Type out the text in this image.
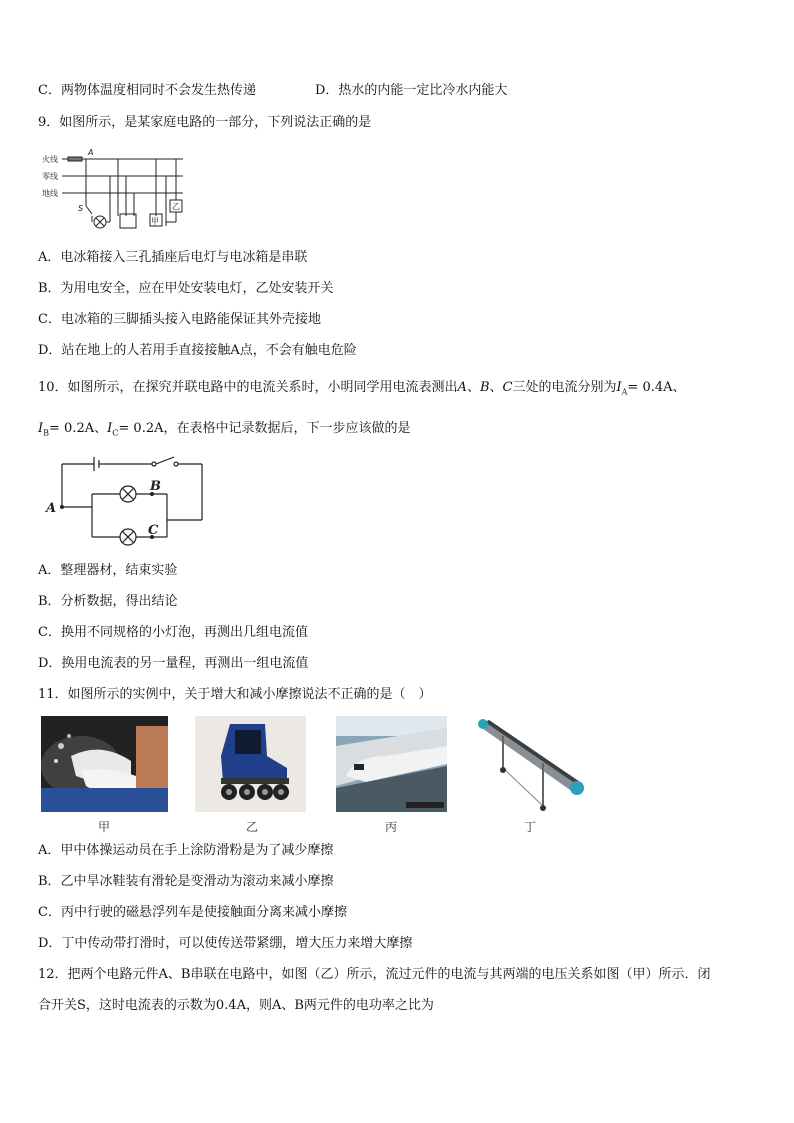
C．两物体温度相同时不会发生热传递	D．热水的内能一定比冷水内能大
9．如图所示，是某家庭电路的一部分，下列说法正确的是
火线
零线
地线
A
S
甲
乙
A．电冰箱接入三孔插座后电灯与电冰箱是串联
B．为用电安全，应在甲处安装电灯，乙处安装开关
C．电冰箱的三脚插头接入电路能保证其外壳接地
D．站在地上的人若用手直接接触A点，不会有触电危险
10．如图所示，在探究并联电路中的电流关系时，小明同学用电流表测出A、B、C三处的电流分别为$I_A= 0.4A$、
$I_B= 0.2A$、$I_C= 0.2A$，在表格中记录数据后，下一步应该做的是
A
B
C
A．整理器材，结束实验
B．分析数据，得出结论
C．换用不同规格的小灯泡，再测出几组电流值
D．换用电流表的另一量程，再测出一组电流值
11．如图所示的实例中，关于增大和减小摩擦说法不正确的是（　）
甲	乙	丙	丁
A．甲中体操运动员在手上涂防滑粉是为了减少摩擦
B．乙中旱冰鞋装有滑轮是变滑动为滚动来减小摩擦
C．丙中行驶的磁悬浮列车是使接触面分离来减小摩擦
D．丁中传动带打滑时，可以使传送带紧绷，增大压力来增大摩擦
12．把两个电路元件A、B串联在电路中，如图（乙）所示，流过元件的电流与其两端的电压关系如图（甲）所示．闭
合开关S，这时电流表的示数为0.4A，则A、B两元件的电功率之比为
